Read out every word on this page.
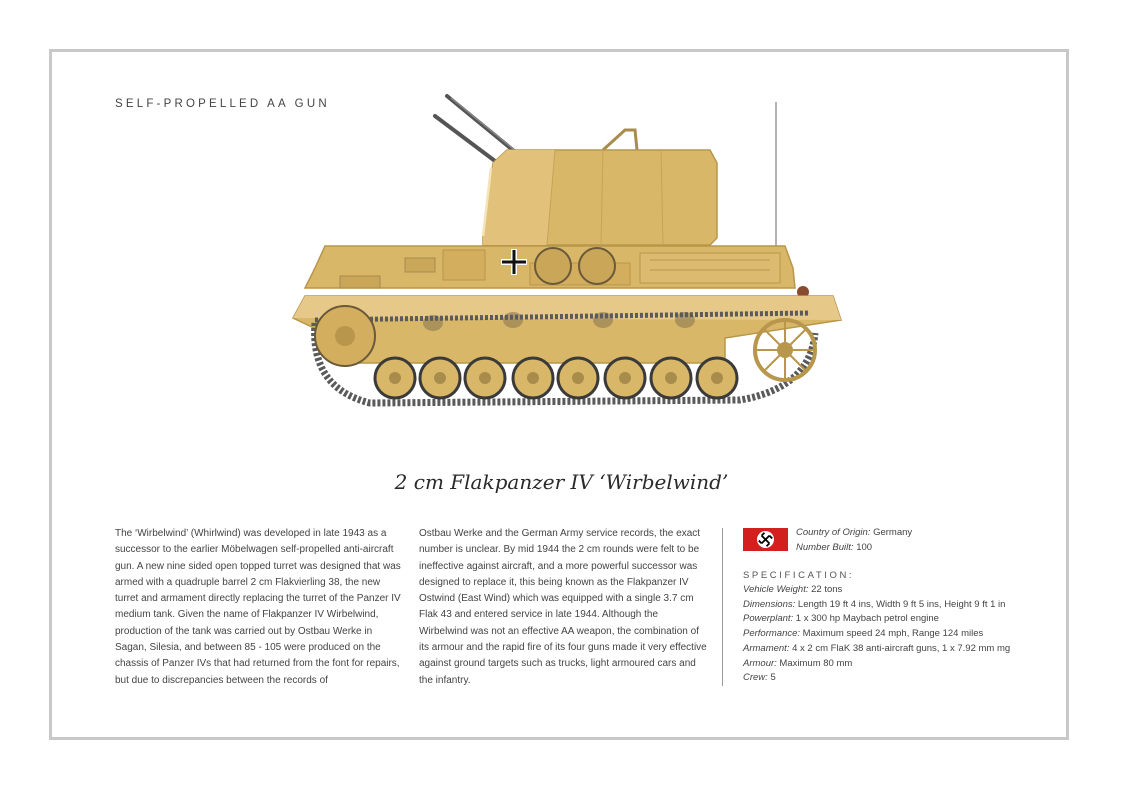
SELF-PROPELLED AA GUN
2 cm Flakpanzer IV ‘Wirbelwind’

The ‘Wirbelwind’ (Whirlwind) was developed in late 1943 as a successor to the earlier Möbelwagen self-propelled anti-aircraft gun. A new nine sided open topped turret was designed that was armed with a quadruple barrel 2 cm Flakvierling 38, the new turret and armament directly replacing the turret of the Panzer IV medium tank. Given the name of Flakpanzer IV Wirbelwind, production of the tank was carried out by Ostbau Werke in Sagan, Silesia, and between 85 - 105 were produced on the chassis of Panzer IVs that had returned from the font for repairs, but due to discrepancies between the records of

Ostbau Werke and the German Army service records, the exact number is unclear. By mid 1944 the 2 cm rounds were felt to be ineffective against aircraft, and a more powerful successor was designed to replace it, this being known as the Flakpanzer IV Ostwind (East Wind) which was equipped with a single 3.7 cm Flak 43 and entered service in late 1944. Although the Wirbelwind was not an effective AA weapon, the combination of its armour and the rapid fire of its four guns made it very effective against ground targets such as trucks, light armoured cars and the infantry.

Country of Origin: Germany
Number Built: 100
SPECIFICATION:
Vehicle Weight: 22 tons
Dimensions: Length 19 ft 4 ins, Width 9 ft 5 ins, Height 9 ft 1 in
Powerplant: 1 x 300 hp Maybach petrol engine
Performance: Maximum speed 24 mph, Range 124 miles
Armament: 4 x 2 cm FlaK 38 anti-aircraft guns, 1 x 7.92 mm mg
Armour: Maximum 80 mm
Crew: 5
